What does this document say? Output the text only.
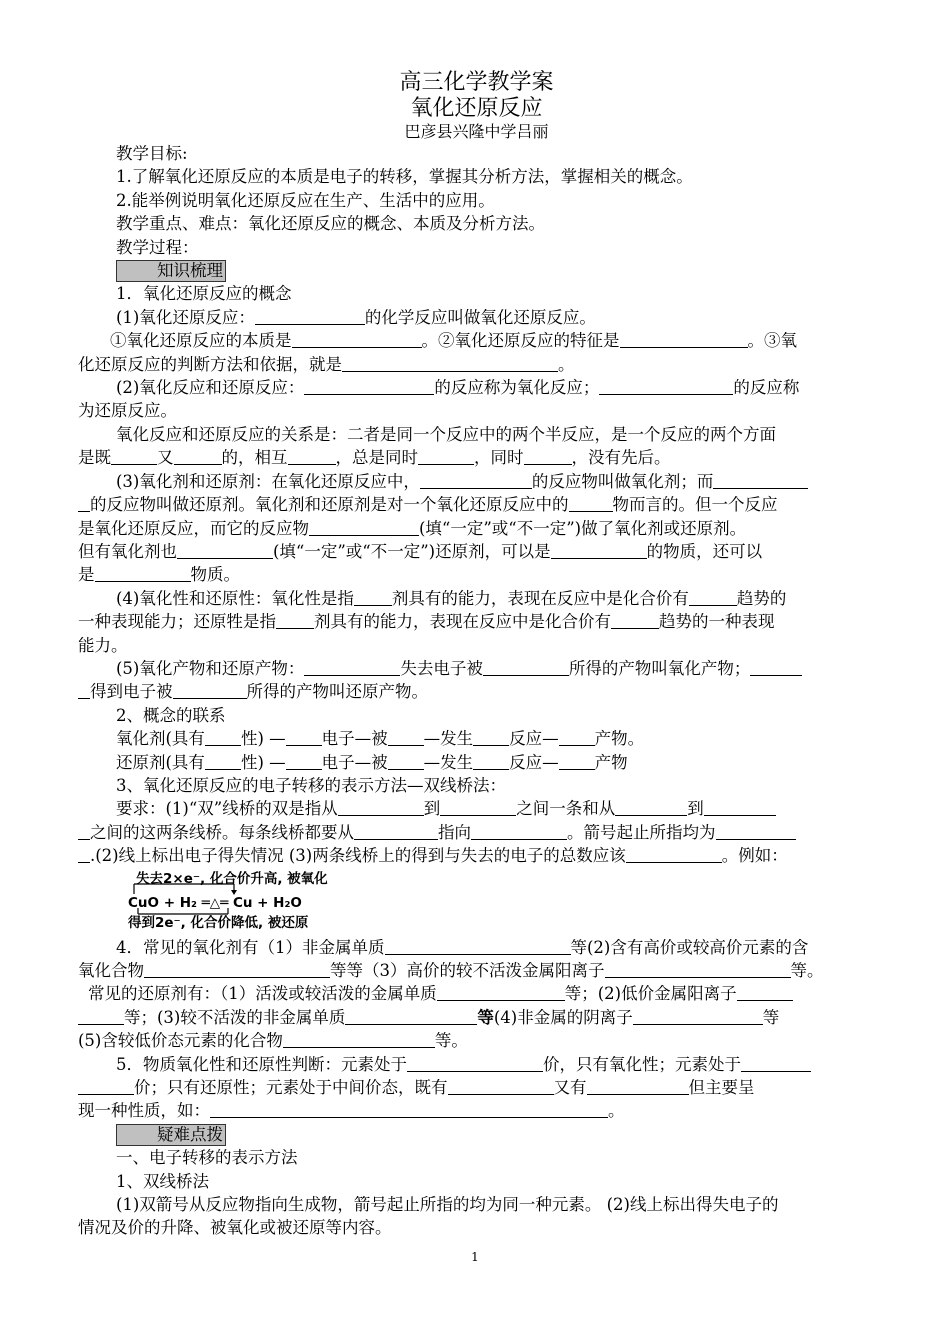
高三化学教学案

氧化还原反应

巴彦县兴隆中学吕丽

教学目标:

1.了解氧化还原反应的本质是电子的转移，掌握其分析方法，掌握相关的概念。

2.能举例说明氧化还原反应在生产、生活中的应用。

教学重点、难点：氧化还原反应的概念、本质及分析方法。

教学过程：

知识梳理

1．氧化还原反应的概念

(1)氧化还原反应：	的化学反应叫做氧化还原反应。

①氧化还原反应的本质是	。②氧化还原反应的特征是	。③氧

化还原反应的判断方法和依据，就是	。

(2)氧化反应和还原反应：	的反应称为氧化反应；	的反应称

为还原反应。

氧化反应和还原反应的关系是：二者是同一个反应中的两个半反应，是一个反应的两个方面

是既	又	的，相互	，总是同时	，同时	，没有先后。

(3)氧化剂和还原剂：在氧化还原反应中，	的反应物叫做氧化剂；而

的反应物叫做还原剂。氧化剂和还原剂是对一个氧化还原反应中的	物而言的。但一个反应

是氧化还原反应，而它的反应物	(填“一定”或“不一定”)做了氧化剂或还原剂。

但有氧化剂也	(填“一定”或“不一定”)还原剂，可以是	的物质，还可以

是	物质。

(4)氧化性和还原性：氧化性是指 剂具有的能力，表现在反应中是化合价有	趋势的

一种表现能力；还原牲是指 剂具有的能力，表现在反应中是化合价有	趋势的一种表现

能力。

(5)氧化产物和还原产物：	失去电子被	所得的产物叫氧化产物；

得到电子被	所得的产物叫还原产物。

2、概念的联系

氧化剂(具有 性) — 电子—被 —发生 反应— 产物。

还原剂(具有 性) — 电子—被 —发生 反应— 产物

3、氧化还原反应的电子转移的表示方法—双线桥法：

要求：(1)“双”线桥的双是指从	到	之间一条和从	到

之间的这两条线桥。每条线桥都要从	指向	。箭号起止所指均为

.(2)线上标出电子得失情况 (3)两条线桥上的得到与失去的电子的总数应该	。例如：

失去2×e⁻, 化合价升高, 被氧化
CuO + H₂ ═△═ Cu + H₂O
得到2e⁻, 化合价降低, 被还原

4．常见的氧化剂有（1）非金属单质	等(2)含有高价或较高价元素的含

氧化合物	等等（3）高价的较不活泼金属阳离子	等。

常见的还原剂有：（1）活泼或较活泼的金属单质	等；(2)低价金属阳离子

等；(3)较不活泼的非金属单质	等(4)非金属的阴离子	等

(5)含较低价态元素的化合物	等。

5．物质氧化性和还原性判断：元素处于	价，只有氧化性；元素处于

价；只有还原性；元素处于中间价态，既有	又有	但主要呈

现一种性质，如：	。

疑难点拨

一、电子转移的表示方法

1、双线桥法

(1)双箭号从反应物指向生成物，箭号起止所指的均为同一种元素。 (2)线上标出得失电子的

情况及价的升降、被氧化或被还原等内容。

1
